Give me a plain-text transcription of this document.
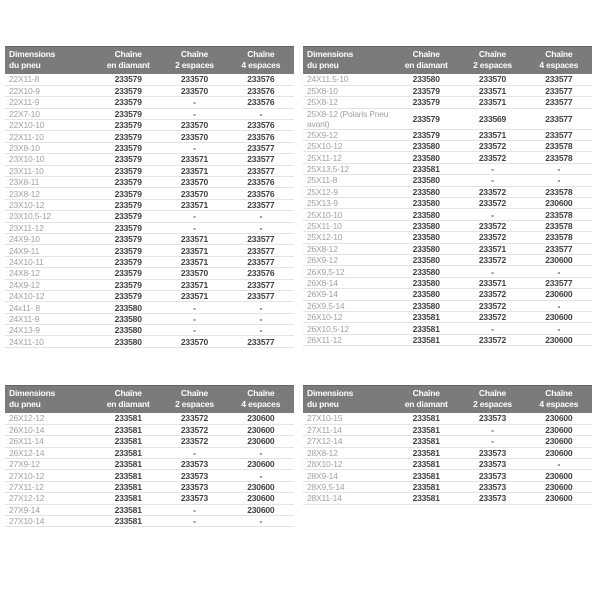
Dimensions
du pneu

Chaîne
en diamant

Chaîne
2 espaces

Chaîne
4 espaces

22X11-8	233579	233570	233576
22X10-9	233579	233570	233576
22X11-9	233579	-	233576
22X7-10	233579	-	-
22X10-10	233579	233570	233576
22X11-10	233579	233570	233576
23X8-10	233579	-	233577
23X10-10	233579	233571	233577
23X11-10	233579	233571	233577
23X8-11	233579	233570	233576
23X8-12	233579	233570	233576
23X10-12	233579	233571	233577
23X10,5-12	233579	-	-
23X11-12	233579	-	-
24X9-10	233579	233571	233577
24X9-11	233579	233571	233577
24X10-11	233579	233571	233577
24X8-12	233579	233570	233576
24X9-12	233579	233571	233577
24X10-12	233579	233571	233577
24x11- 8	233580	-	-
24X11-9	233580	-	-
24X13-9	233580	-	-
24X11-10	233580	233570	233577
Dimensions
du pneu

Chaîne
en diamant

Chaîne
2 espaces

Chaîne
4 espaces

24X11.5-10	233580	233570	233577
25X8-10	233579	233571	233577
25X8-12	233579	233571	233577
25X8-12 (Polaris Pneu avant)	233579	233569	233577
25X9-12	233579	233571	233577
25X10-12	233580	233572	233578
25X11-12	233580	233572	233578
25X13,5-12	233581	-	-
25X11-8	233580	-	-
25X12-9	233580	233572	233578
25X13-9	233580	233572	230600
25X10-10	233580	-	233578
25X11-10	233580	233572	233578
25X12-10	233580	233572	233578
26X8-12	233580	233571	233577
26X9-12	233580	233572	230600
26X9,5-12	233580	-	-
26X8-14	233580	233571	233577
26X9-14	233580	233572	230600
26X9,5-14	233580	233572	-
26X10-12	233581	233572	230600
26X10,5-12	233581	-	-
26X11-12	233581	233572	230600
Dimensions
du pneu

Chaîne
en diamant

Chaîne
2 espaces

Chaîne
4 espaces

26X12-12	233581	233572	230600
26X10-14	233581	233572	230600
26X11-14	233581	233572	230600
26X12-14	233581	-	-
27X9-12	233581	233573	230600
27X10-12	233581	233573	-
27X11-12	233581	233573	230600
27X12-12	233581	233573	230600
27X9-14	233581	-	230600
27X10-14	233581	-	-
Dimensions
du pneu

Chaîne
en diamant

Chaîne
2 espaces

Chaîne
4 espaces

27X10-15	233581	233573	230600
27X11-14	233581	-	230600
27X12-14	233581	-	230600
28X8-12	233581	233573	230600
28X10-12	233581	233573	-
28X9-14	233581	233573	230600
28X9,5-14	233581	233573	230600
28X11-14	233581	233573	230600
